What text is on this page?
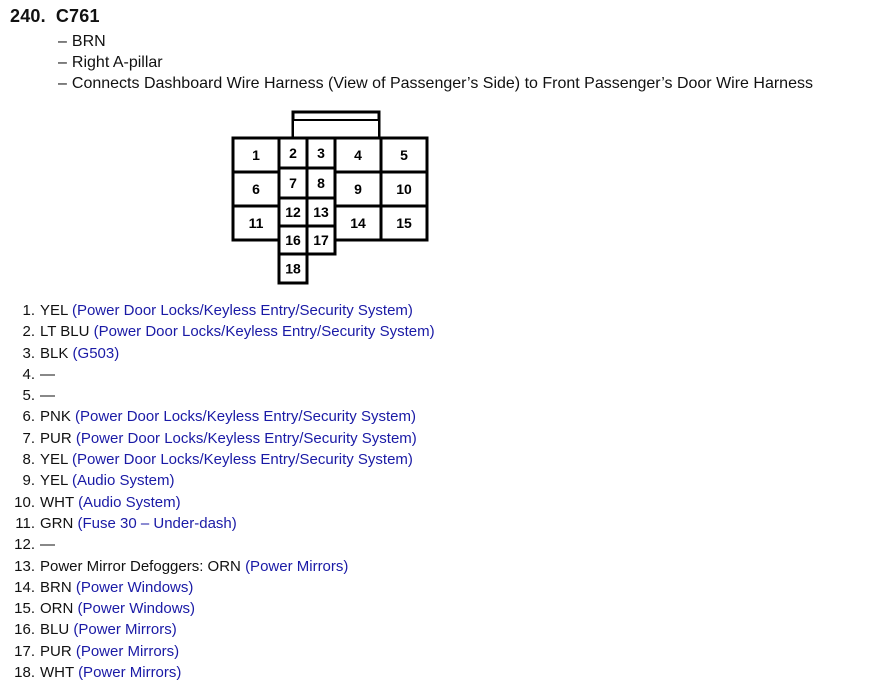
240. C761
– BRN
– Right A-pillar
– Connects Dashboard Wire Harness (View of Passenger’s Side) to Front Passenger’s Door Wire Harness
1 2 3 4	5
6 7 8 9 10
11
12 13
14 15
16 17
18
1. YEL (Power Door Locks/Keyless Entry/Security System)
2. LT BLU (Power Door Locks/Keyless Entry/Security System)
3. BLK (G503)
4. —
5. —
6. PNK (Power Door Locks/Keyless Entry/Security System)
7. PUR (Power Door Locks/Keyless Entry/Security System)
8. YEL (Power Door Locks/Keyless Entry/Security System)
9. YEL (Audio System)
10. WHT (Audio System)
11. GRN (Fuse 30 – Under-dash)
12. —
13. Power Mirror Defoggers: ORN (Power Mirrors)
14. BRN (Power Windows)
15. ORN (Power Windows)
16. BLU (Power Mirrors)
17. PUR (Power Mirrors)
18. WHT (Power Mirrors)
